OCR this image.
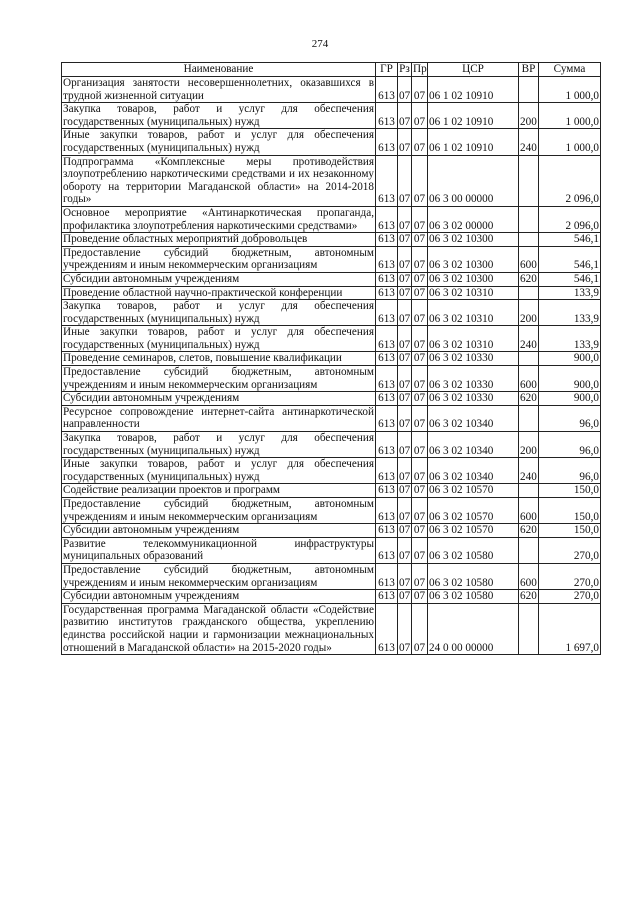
274
Наименование	ГР	Рз	Пр	ЦСР	ВР	Сумма
Организация занятости несовершеннолетних, оказавшихся в трудной жизненной ситуации	613	07	07	06 1 02 10910		1 000,0
Закупка товаров, работ и услуг для обеспечения государственных (муниципальных) нужд	613	07	07	06 1 02 10910	200	1 000,0
Иные закупки товаров, работ и услуг для обеспечения государственных (муниципальных) нужд	613	07	07	06 1 02 10910	240	1 000,0
Подпрограмма «Комплексные меры противодействия злоупотреблению наркотическими средствами и их незаконному обороту на территории Магаданской области» на 2014-2018 годы»	613	07	07	06 3 00 00000		2 096,0
Основное мероприятие «Антинаркотическая пропаганда, профилактика злоупотребления наркотическими средствами»	613	07	07	06 3 02 00000		2 096,0
Проведение областных мероприятий добровольцев	613	07	07	06 3 02 10300		546,1
Предоставление субсидий бюджетным, автономным учреждениям и иным некоммерческим организациям	613	07	07	06 3 02 10300	600	546,1
Субсидии автономным учреждениям	613	07	07	06 3 02 10300	620	546,1
Проведение областной научно-практической конференции	613	07	07	06 3 02 10310		133,9
Закупка товаров, работ и услуг для обеспечения государственных (муниципальных) нужд	613	07	07	06 3 02 10310	200	133,9
Иные закупки товаров, работ и услуг для обеспечения государственных (муниципальных) нужд	613	07	07	06 3 02 10310	240	133,9
Проведение семинаров, слетов, повышение квалификации	613	07	07	06 3 02 10330		900,0
Предоставление субсидий бюджетным, автономным учреждениям и иным некоммерческим организациям	613	07	07	06 3 02 10330	600	900,0
Субсидии автономным учреждениям	613	07	07	06 3 02 10330	620	900,0
Ресурсное сопровождение интернет-сайта антинаркотической направленности	613	07	07	06 3 02 10340		96,0
Закупка товаров, работ и услуг для обеспечения государственных (муниципальных) нужд	613	07	07	06 3 02 10340	200	96,0
Иные закупки товаров, работ и услуг для обеспечения государственных (муниципальных) нужд	613	07	07	06 3 02 10340	240	96,0
Содействие реализации проектов и программ	613	07	07	06 3 02 10570		150,0
Предоставление субсидий бюджетным, автономным учреждениям и иным некоммерческим организациям	613	07	07	06 3 02 10570	600	150,0
Субсидии автономным учреждениям	613	07	07	06 3 02 10570	620	150,0
Развитие телекоммуникационной инфраструктуры муниципальных образований	613	07	07	06 3 02 10580		270,0
Предоставление субсидий бюджетным, автономным учреждениям и иным некоммерческим организациям	613	07	07	06 3 02 10580	600	270,0
Субсидии автономным учреждениям	613	07	07	06 3 02 10580	620	270,0
Государственная программа Магаданской области «Содействие развитию институтов гражданского общества, укреплению единства российской нации и гармонизации межнациональных отношений в Магаданской области» на 2015-2020 годы»	613	07	07	24 0 00 00000		1 697,0
